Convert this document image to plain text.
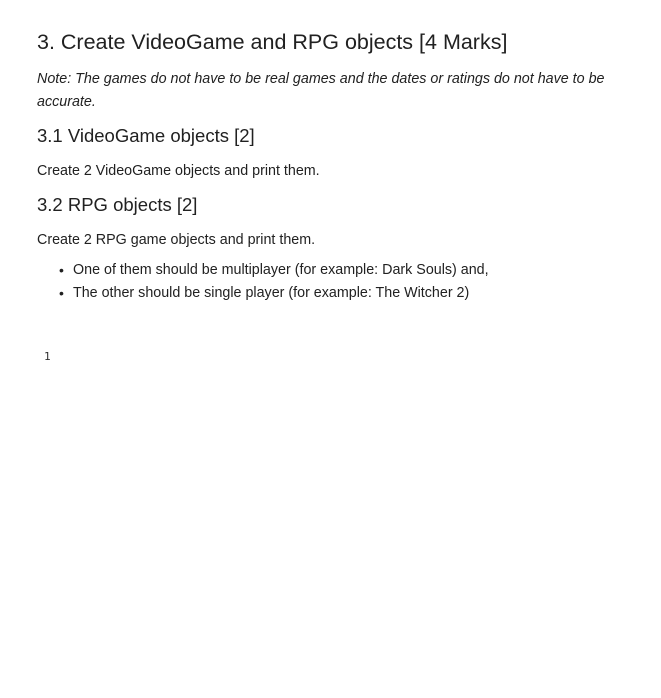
3. Create VideoGame and RPG objects [4 Marks]

Note: The games do not have to be real games and the dates or ratings do not have to be accurate.

3.1 VideoGame objects [2]

Create 2 VideoGame objects and print them.

3.2 RPG objects [2]

Create 2 RPG game objects and print them.

• One of them should be multiplayer (for example: Dark Souls) and,
• The other should be single player (for example: The Witcher 2)
1
